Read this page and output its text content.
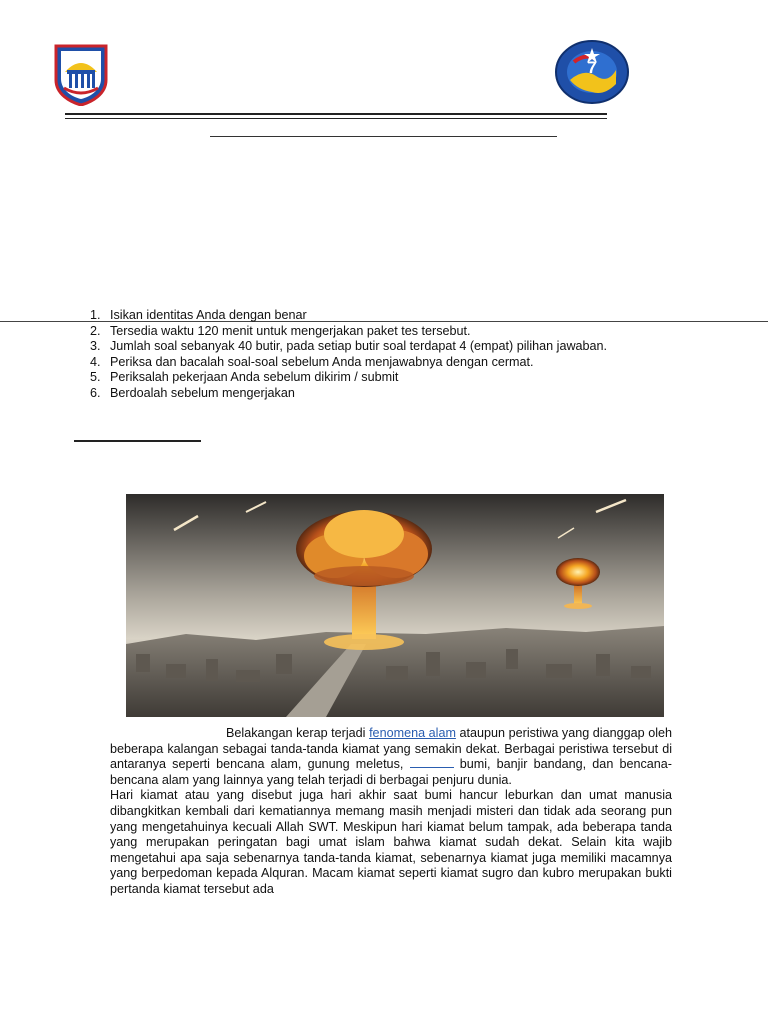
7
1. Isikan identitas Anda dengan benar
2. Tersedia waktu 120 menit untuk mengerjakan paket tes tersebut.
3. Jumlah soal sebanyak 40 butir, pada setiap butir soal terdapat 4 (empat) pilihan jawaban.
4. Periksa dan bacalah soal-soal sebelum Anda menjawabnya dengan cermat.
5. Periksalah pekerjaan Anda sebelum dikirim / submit
6. Berdoalah sebelum mengerjakan

Belakangan kerap terjadi fenomena alam ataupun peristiwa yang dianggap oleh beberapa kalangan sebagai tanda-tanda kiamat yang semakin dekat. Berbagai peristiwa tersebut di antaranya seperti bencana alam, gunung meletus,	bumi, banjir bandang, dan bencana-bencana alam yang lainnya yang telah terjadi di berbagai penjuru dunia.

Hari kiamat atau yang disebut juga hari akhir saat bumi hancur leburkan dan umat manusia dibangkitkan kembali dari kematiannya memang masih menjadi misteri dan tidak ada seorang pun yang mengetahuinya kecuali Allah SWT. Meskipun hari kiamat belum tampak, ada beberapa tanda yang merupakan peringatan bagi umat islam bahwa kiamat sudah dekat. Selain kita wajib mengetahui apa saja sebenarnya tanda-tanda kiamat, sebenarnya kiamat juga memiliki macamnya yang berpedoman kepada Alquran. Macam kiamat seperti kiamat sugro dan kubro merupakan bukti pertanda kiamat tersebut ada
